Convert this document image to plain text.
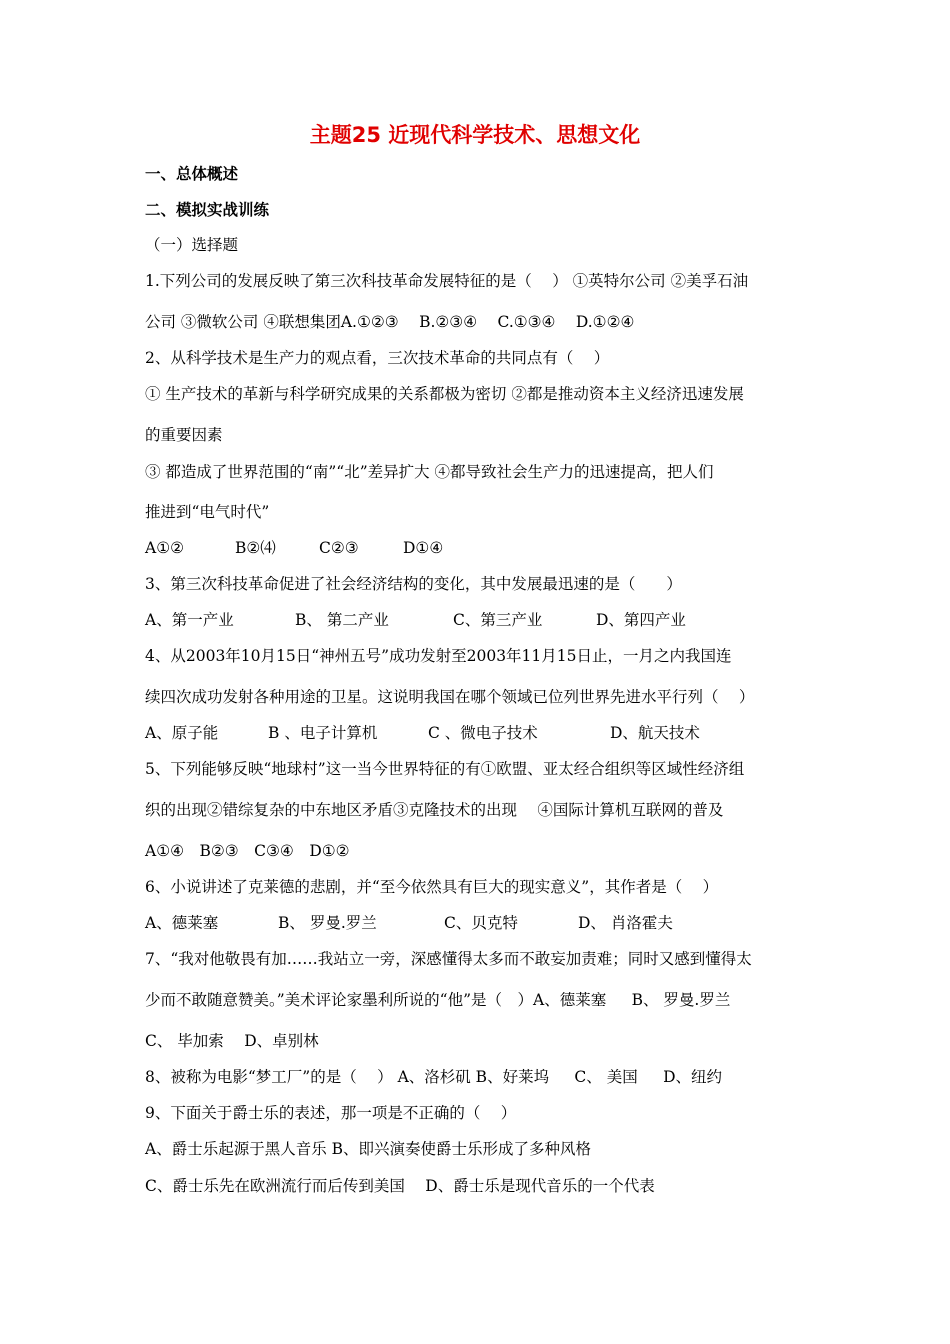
主题25 近现代科学技术、思想文化
一、总体概述
二、模拟实战训练
（一）选择题
1.下列公司的发展反映了第三次科技革命发展特征的是（　 ） ①英特尔公司 ②美孚石油
公司 ③微软公司 ④联想集团A.①②③ 　B.②③④ 　C.①③④ 　D.①②④
2、从科学技术是生产力的观点看，三次技术革命的共同点有（　 ）
① 生产技术的革新与科学研究成果的关系都极为密切 ②都是推动资本主义经济迅速发展
的重要因素
③ 都造成了世界范围的“南”“北”差异扩大 ④都导致社会生产力的迅速提高，把人们
推进到“电气时代”
A①②	B②⑷	C②③	D①④
3、第三次科技革命促进了社会经济结构的变化，其中发展最迅速的是（　　）
A、第一产业	B、 第二产业	C、第三产业	D、第四产业
4、从2003年10月15日“神州五号”成功发射至2003年11月15日止，一月之内我国连
续四次成功发射各种用途的卫星。这说明我国在哪个领域已位列世界先进水平行列（　 ）
A、原子能	B 、电子计算机	C 、微电子技术	D、航天技术
5、下列能够反映“地球村”这一当今世界特征的有①欧盟、亚太经合组织等区域性经济组
织的出现②错综复杂的中东地区矛盾③克隆技术的出现 　④国际计算机互联网的普及
A①④　B②③　C③④　D①②
6、小说讲述了克莱德的悲剧，并“至今依然具有巨大的现实意义”，其作者是（　 ）
A、德莱塞	B、 罗曼.罗兰	C、贝克特	D、 肖洛霍夫
7、“我对他敬畏有加……我站立一旁，深感懂得太多而不敢妄加责难；同时又感到懂得太
少而不敢随意赞美。”美术评论家墨利所说的“他”是（　）A、德莱塞 　 B、 罗曼.罗兰
C、 毕加索 　D、卓别林
8、被称为电影“梦工厂”的是（　 ） A、洛杉矶 B、好莱坞 　 C、 美国 　 D、纽约
9、下面关于爵士乐的表述，那一项是不正确的（　 ）
A、爵士乐起源于黑人音乐 B、即兴演奏使爵士乐形成了多种风格
C、爵士乐先在欧洲流行而后传到美国 　D、爵士乐是现代音乐的一个代表
